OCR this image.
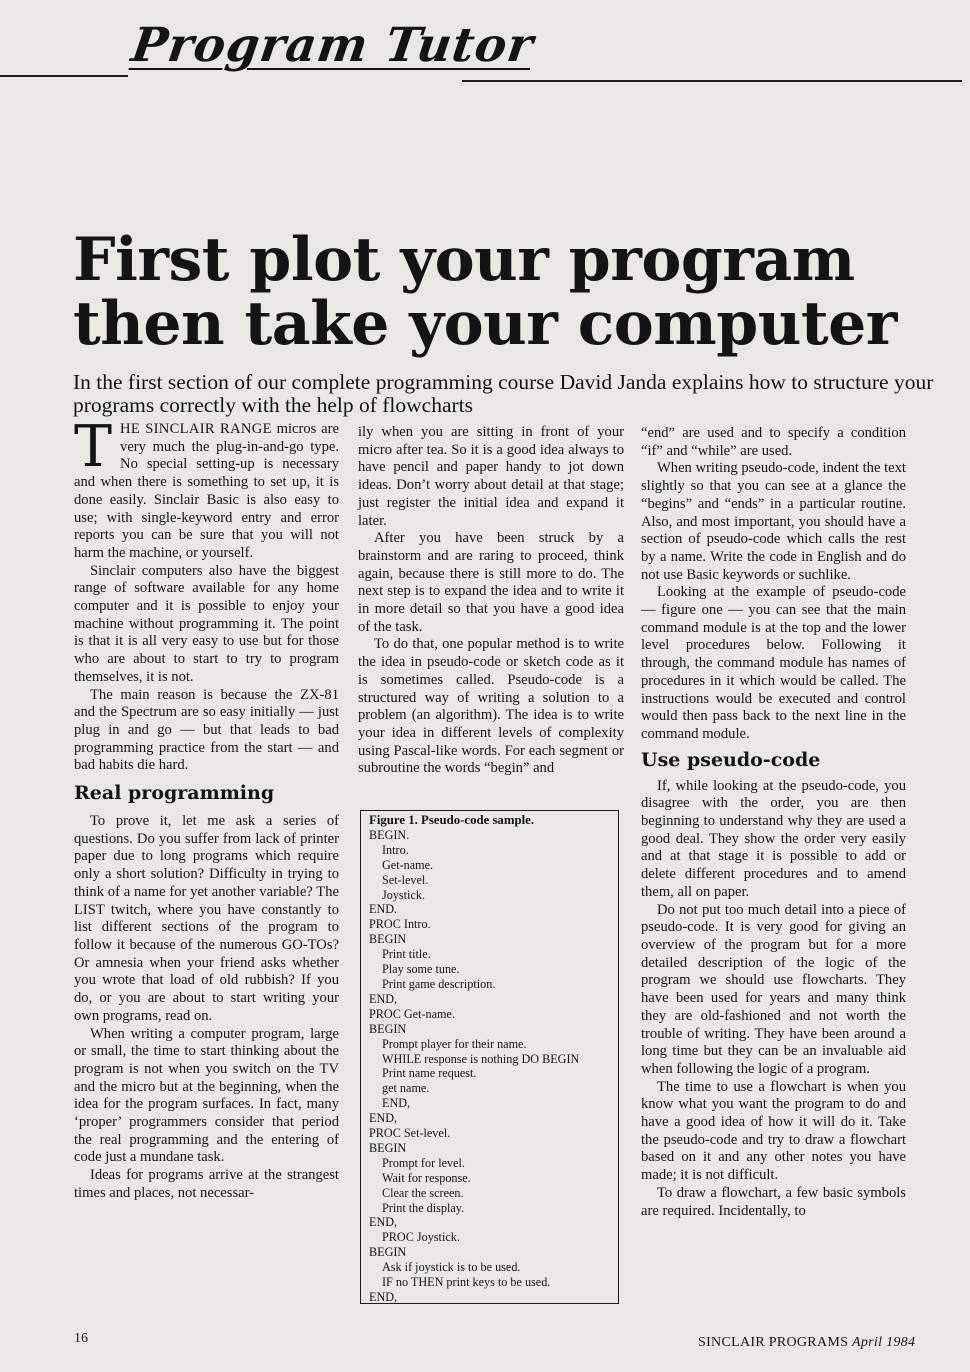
Program Tutor
First plot your program
then take your computer
In the first section of our complete programming course David Janda explains how to structure your programs correctly with the help of flowcharts

THE SINCLAIR RANGE micros are very much the plug-in-and-go type. No special setting-up is necessary and when there is something to set up, it is done easily. Sinclair Basic is also easy to use; with single-keyword entry and error reports you can be sure that you will not harm the machine, or yourself.

Sinclair computers also have the biggest range of software available for any home computer and it is possible to enjoy your machine without programming it. The point is that it is all very easy to use but for those who are about to start to try to program themselves, it is not.

The main reason is because the ZX-81 and the Spectrum are so easy initially — just plug in and go — but that leads to bad programming practice from the start — and bad habits die hard.

Real programming

To prove it, let me ask a series of questions. Do you suffer from lack of printer paper due to long programs which require only a short solution? Difficulty in trying to think of a name for yet another variable? The LIST twitch, where you have constantly to list different sections of the program to follow it because of the numerous GO-TOs? Or amnesia when your friend asks whether you wrote that load of old rubbish? If you do, or you are about to start writing your own programs, read on.

When writing a computer program, large or small, the time to start thinking about the program is not when you switch on the TV and the micro but at the beginning, when the idea for the program surfaces. In fact, many ‘proper’ programmers consider that period the real programming and the entering of code just a mundane task.

Ideas for programs arrive at the strangest times and places, not necessar-

ily when you are sitting in front of your micro after tea. So it is a good idea always to have pencil and paper handy to jot down ideas. Don’t worry about detail at that stage; just register the initial idea and expand it later.

After you have been struck by a brainstorm and are raring to proceed, think again, because there is still more to do. The next step is to expand the idea and to write it in more detail so that you have a good idea of the task.

To do that, one popular method is to write the idea in pseudo-code or sketch code as it is sometimes called. Pseudo-code is a structured way of writing a solution to a problem (an algorithm). The idea is to write your idea in different levels of complexity using Pascal-like words. For each segment or subroutine the words “begin” and

Figure 1. Pseudo-code sample.
BEGIN.
Intro.
Get-name.
Set-level.
Joystick.
END.
PROC Intro.
BEGIN
Print title.
Play some tune.
Print game description.
END,
PROC Get-name.
BEGIN
Prompt player for their name.
WHILE response is nothing DO BEGIN
Print name request.
get name.
END,
END,
PROC Set-level.
BEGIN
Prompt for level.
Wait for response.
Clear the screen.
Print the display.
END,
PROC Joystick.
BEGIN
Ask if joystick is to be used.
IF no THEN print keys to be used.
END,

“end” are used and to specify a condition “if” and “while” are used.

When writing pseudo-code, indent the text slightly so that you can see at a glance the “begins” and “ends” in a particular routine. Also, and most important, you should have a section of pseudo-code which calls the rest by a name. Write the code in English and do not use Basic keywords or suchlike.

Looking at the example of pseudo-code — figure one — you can see that the main command module is at the top and the lower level procedures below. Following it through, the command module has names of procedures in it which would be called. The instructions would be executed and control would then pass back to the next line in the command module.

Use pseudo-code

If, while looking at the pseudo-code, you disagree with the order, you are then beginning to understand why they are used a good deal. They show the order very easily and at that stage it is possible to add or delete different procedures and to amend them, all on paper.

Do not put too much detail into a piece of pseudo-code. It is very good for giving an overview of the program but for a more detailed description of the logic of the program we should use flowcharts. They have been used for years and many think they are old-fashioned and not worth the trouble of writing. They have been around a long time but they can be an invaluable aid when following the logic of a program.

The time to use a flowchart is when you know what you want the program to do and have a good idea of how it will do it. Take the pseudo-code and try to draw a flowchart based on it and any other notes you have made; it is not difficult.

To draw a flowchart, a few basic symbols are required. Incidentally, to

16	SINCLAIR PROGRAMS April 1984
